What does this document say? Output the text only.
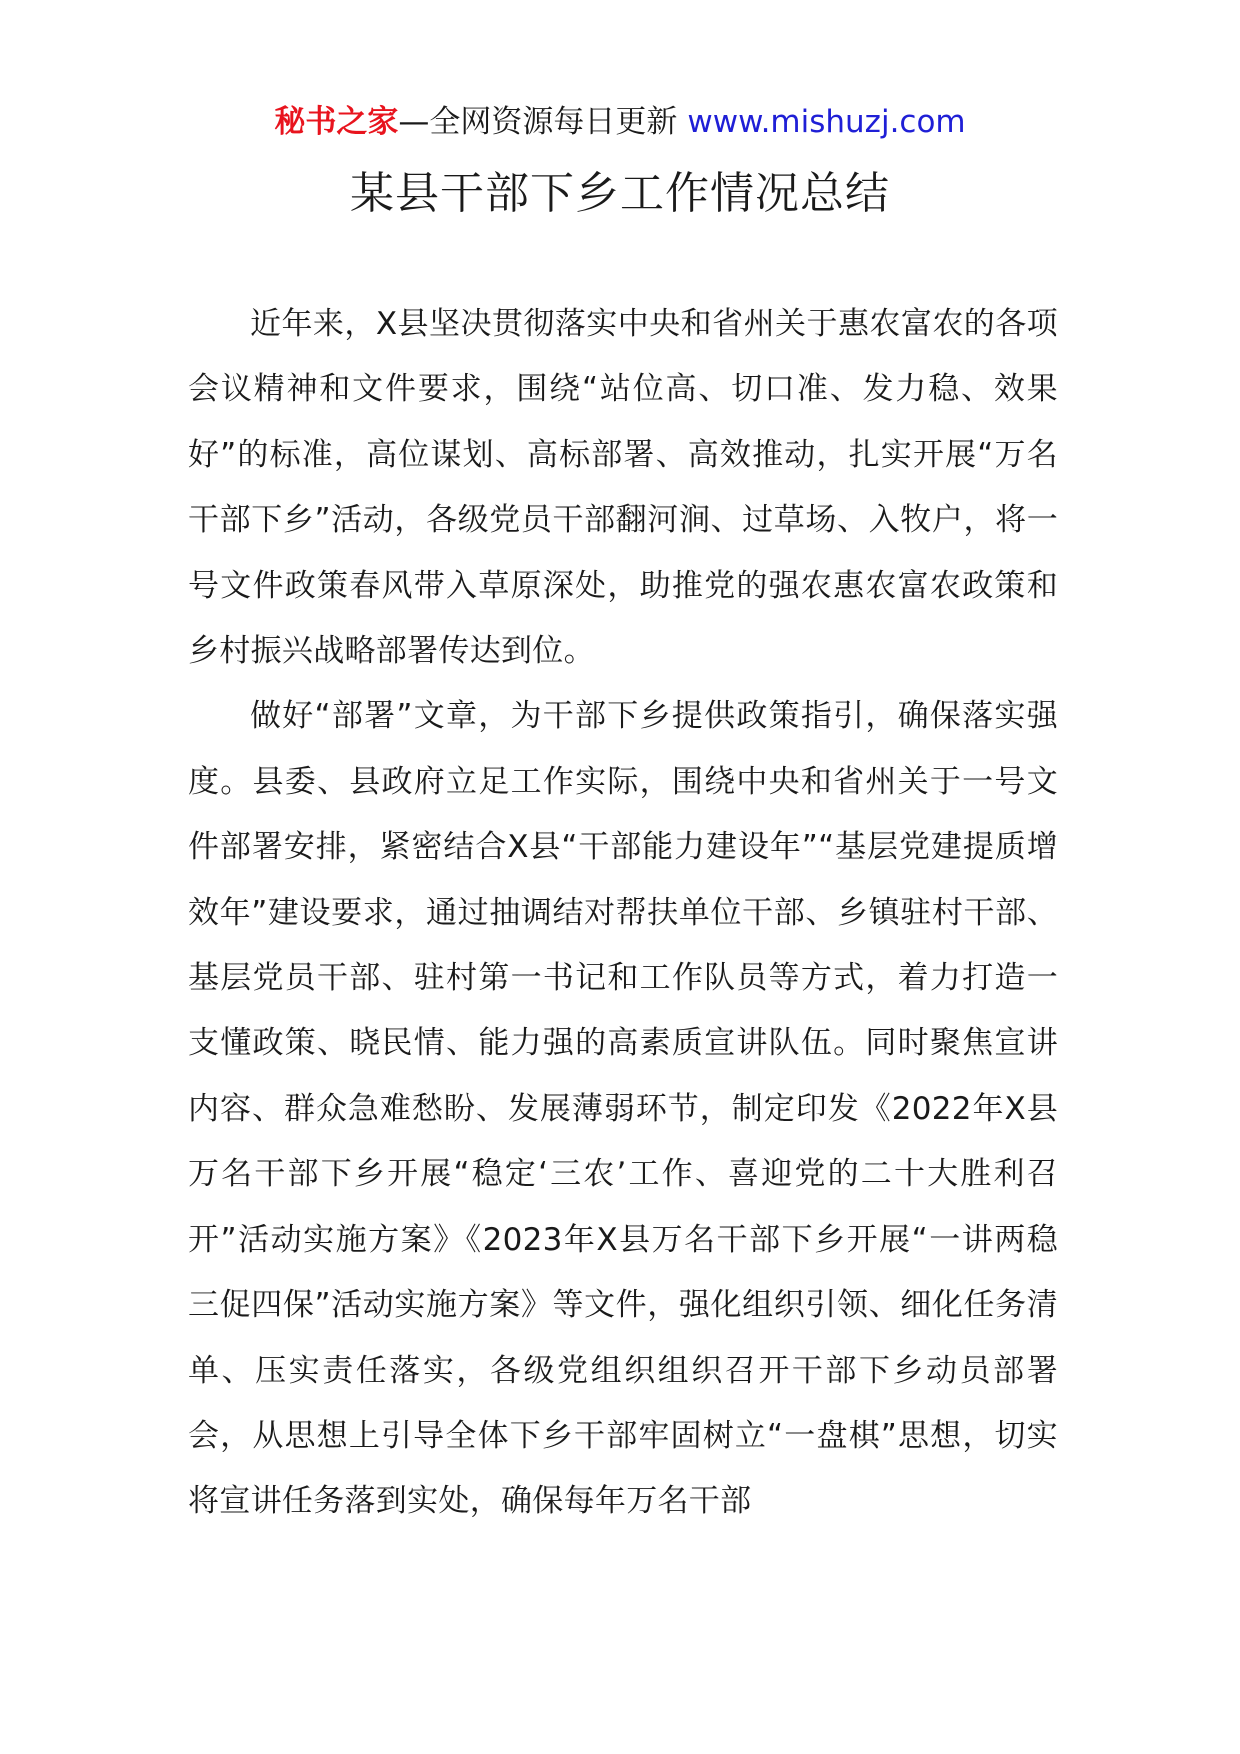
秘书之家—全网资源每日更新 www.mishuzj.com
某县干部下乡工作情况总结

近年来，X县坚决贯彻落实中央和省州关于惠农富农的各项会议精神和文件要求，围绕“站位高、切口准、发力稳、效果好”的标准，高位谋划、高标部署、高效推动，扎实开展“万名干部下乡”活动，各级党员干部翻河涧、过草场、入牧户，将一号文件政策春风带入草原深处，助推党的强农惠农富农政策和乡村振兴战略部署传达到位。

做好“部署”文章，为干部下乡提供政策指引，确保落实强度。县委、县政府立足工作实际，围绕中央和省州关于一号文件部署安排，紧密结合X县“干部能力建设年”“基层党建提质增效年”建设要求，通过抽调结对帮扶单位干部、乡镇驻村干部、基层党员干部、驻村第一书记和工作队员等方式，着力打造一支懂政策、晓民情、能力强的高素质宣讲队伍。同时聚焦宣讲内容、群众急难愁盼、发展薄弱环节，制定印发《2022年X县万名干部下乡开展“稳定‘三农’工作、喜迎党的二十大胜利召开”活动实施方案》《2023年X县万名干部下乡开展“一讲两稳三促四保”活动实施方案》等文件，强化组织引领、细化任务清单、压实责任落实，各级党组织组织召开干部下乡动员部署会，从思想上引导全体下乡干部牢固树立“一盘棋”思想，切实将宣讲任务落到实处，确保每年万名干部
